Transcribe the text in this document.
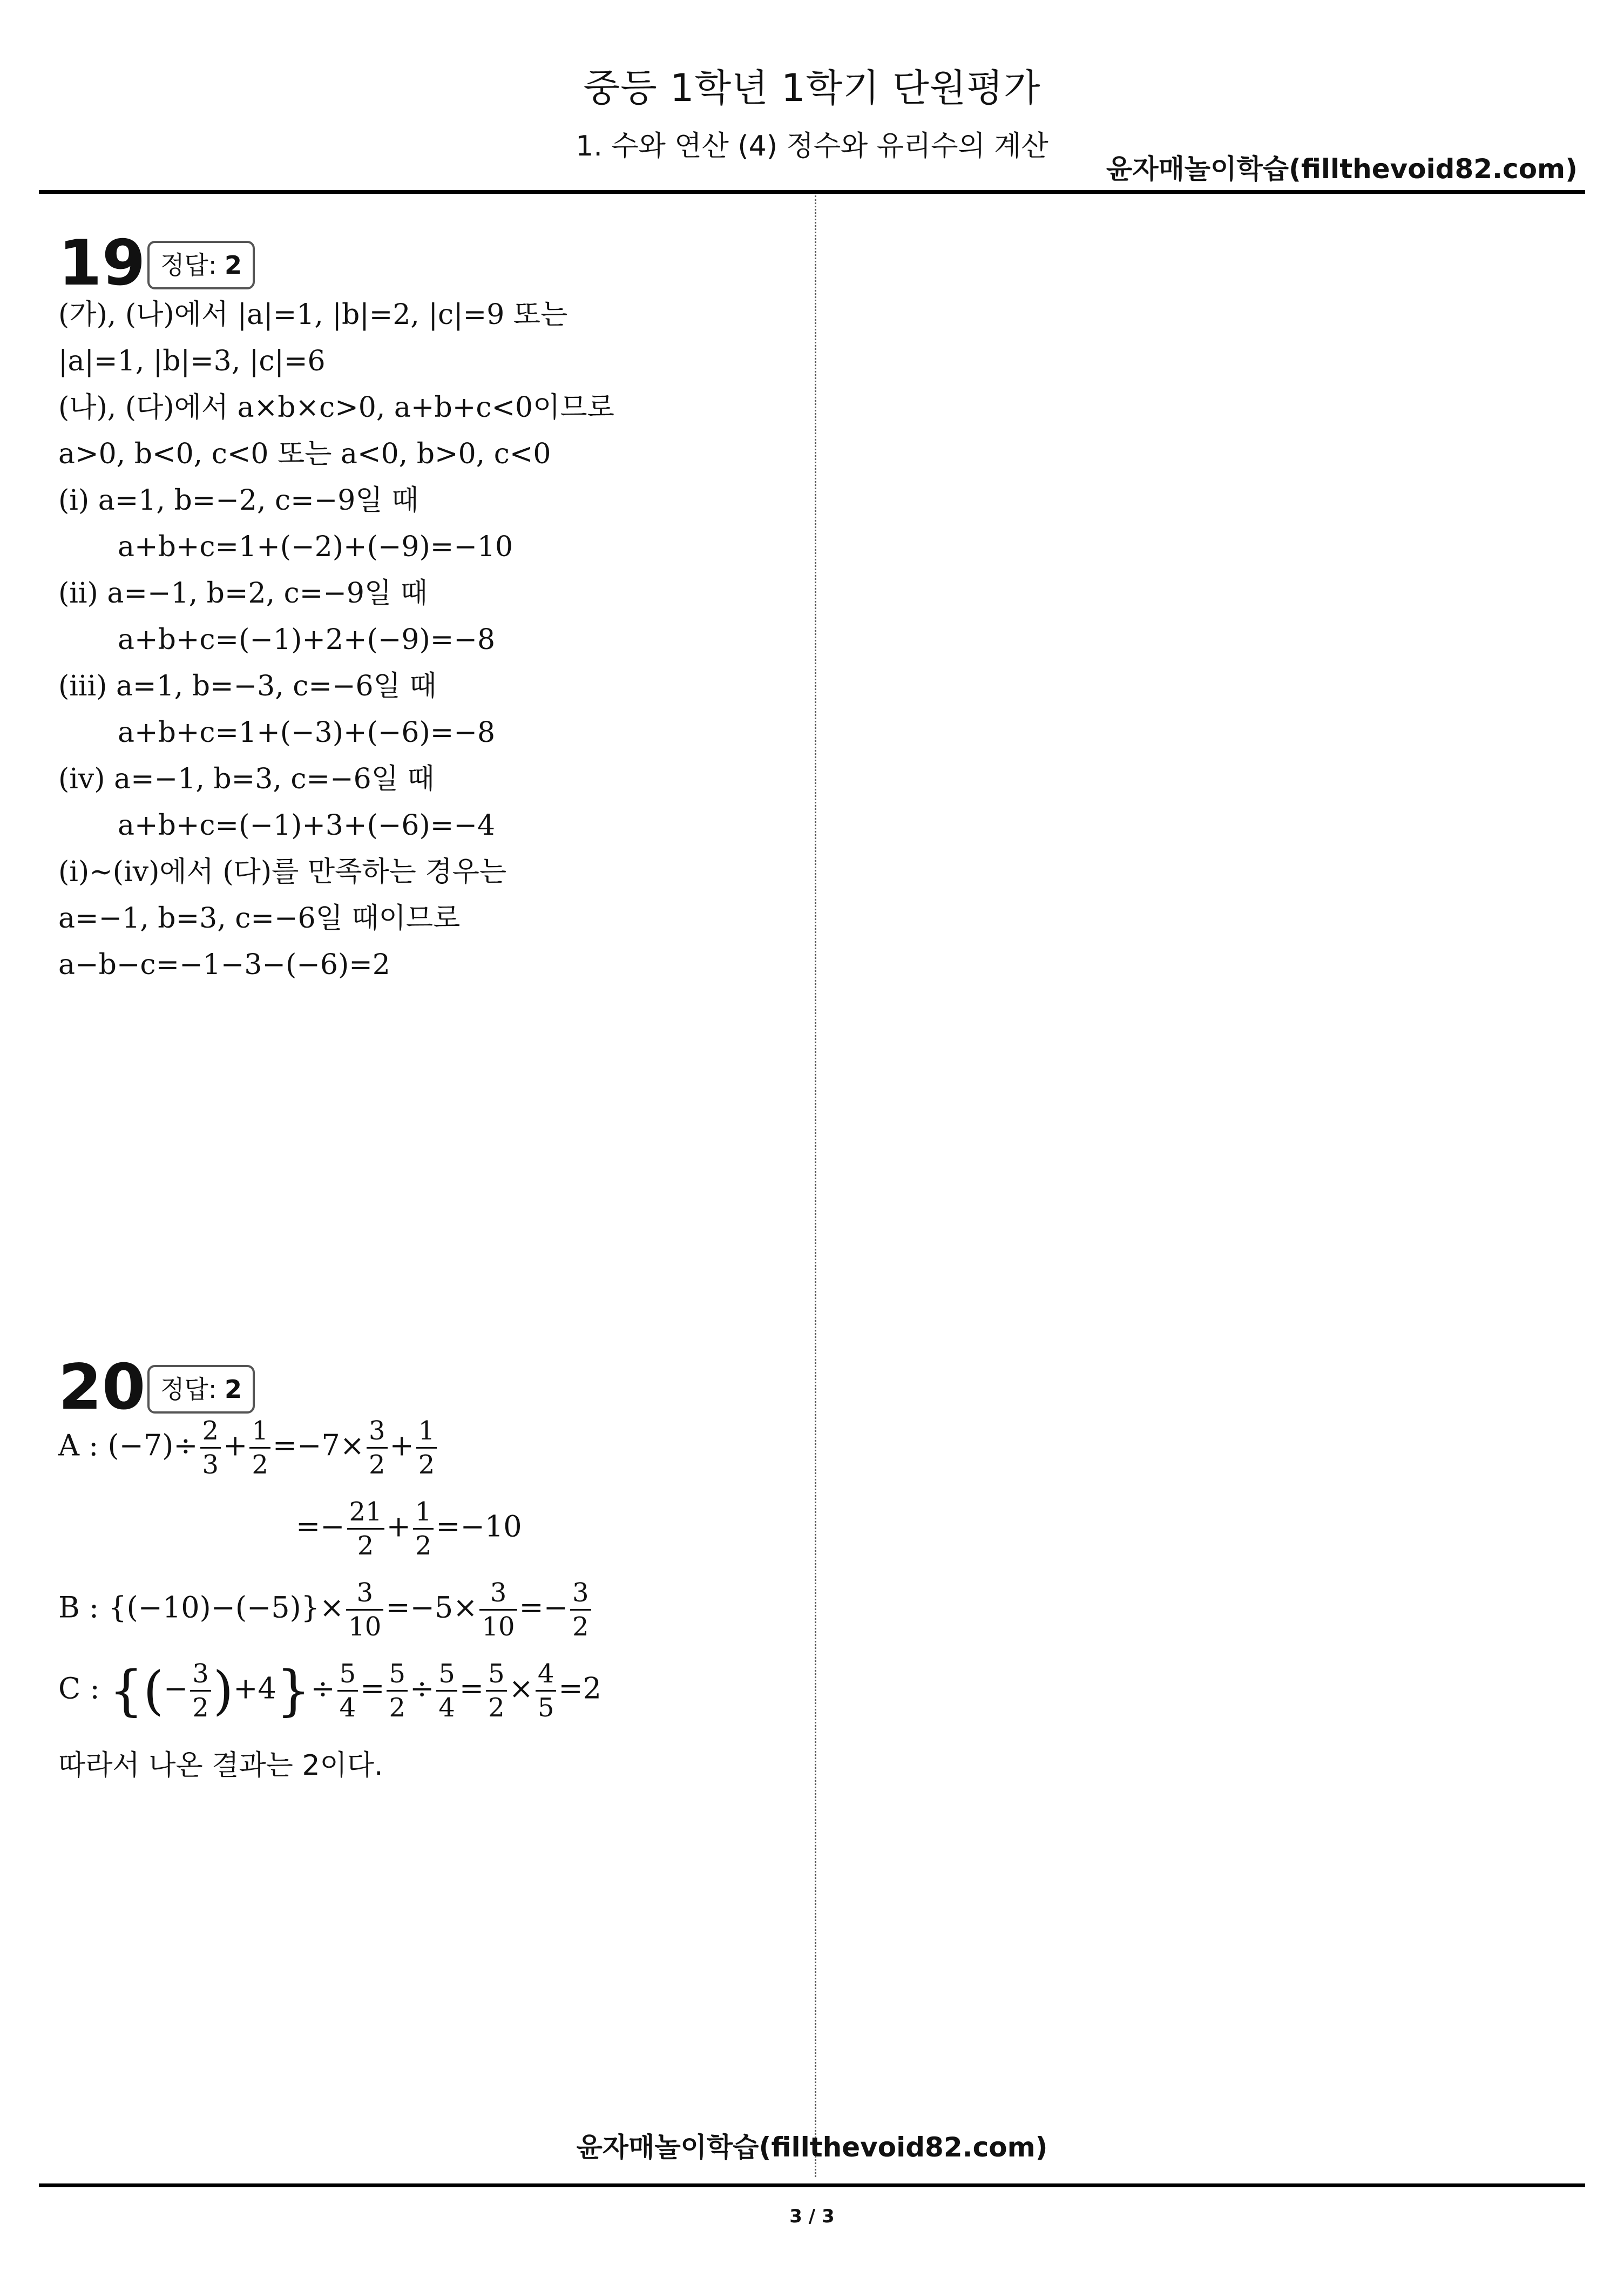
중등 1학년 1학기 단원평가
1. 수와 연산 (4) 정수와 유리수의 계산
윤자매놀이학습(fillthevoid82.com)
19 정답: 2
(가), (나)에서 |a|=1, |b|=2, |c|=9 또는
|a|=1, |b|=3, |c|=6
(나), (다)에서 a×b×c>0, a+b+c<0이므로
a>0, b<0, c<0 또는 a<0, b>0, c<0
(ⅰ) a=1, b=−2, c=−9일 때
a+b+c=1+(−2)+(−9)=−10
(ⅱ) a=−1, b=2, c=−9일 때
a+b+c=(−1)+2+(−9)=−8
(ⅲ) a=1, b=−3, c=−6일 때
a+b+c=1+(−3)+(−6)=−8
(ⅳ) a=−1, b=3, c=−6일 때
a+b+c=(−1)+3+(−6)=−4
(ⅰ)~(ⅳ)에서 (다)를 만족하는 경우는
a=−1, b=3, c=−6일 때이므로
a−b−c=−1−3−(−6)=2
20 정답: 2
A : $(-7)\div \frac{2}{3} + \frac{1}{2} =-7\times \frac{3}{2} + \frac{1}{2}$
=− $\frac{21}{2} + \frac{1}{2} =-10$
B : $\{(-10)-(-5)\}\times \frac{3}{10} =-5\times \frac{3}{10} =- \frac{3}{2}$
C : {(− $\frac{3}{2} )+4\}\div \frac{5}{4} = \frac{5}{2} \div \frac{5}{4} = \frac{5}{2} \times \frac{4}{5} =2$
따라서 나온 결과는 2이다.
윤자매놀이학습(fillthevoid82.com)
3 / 3
